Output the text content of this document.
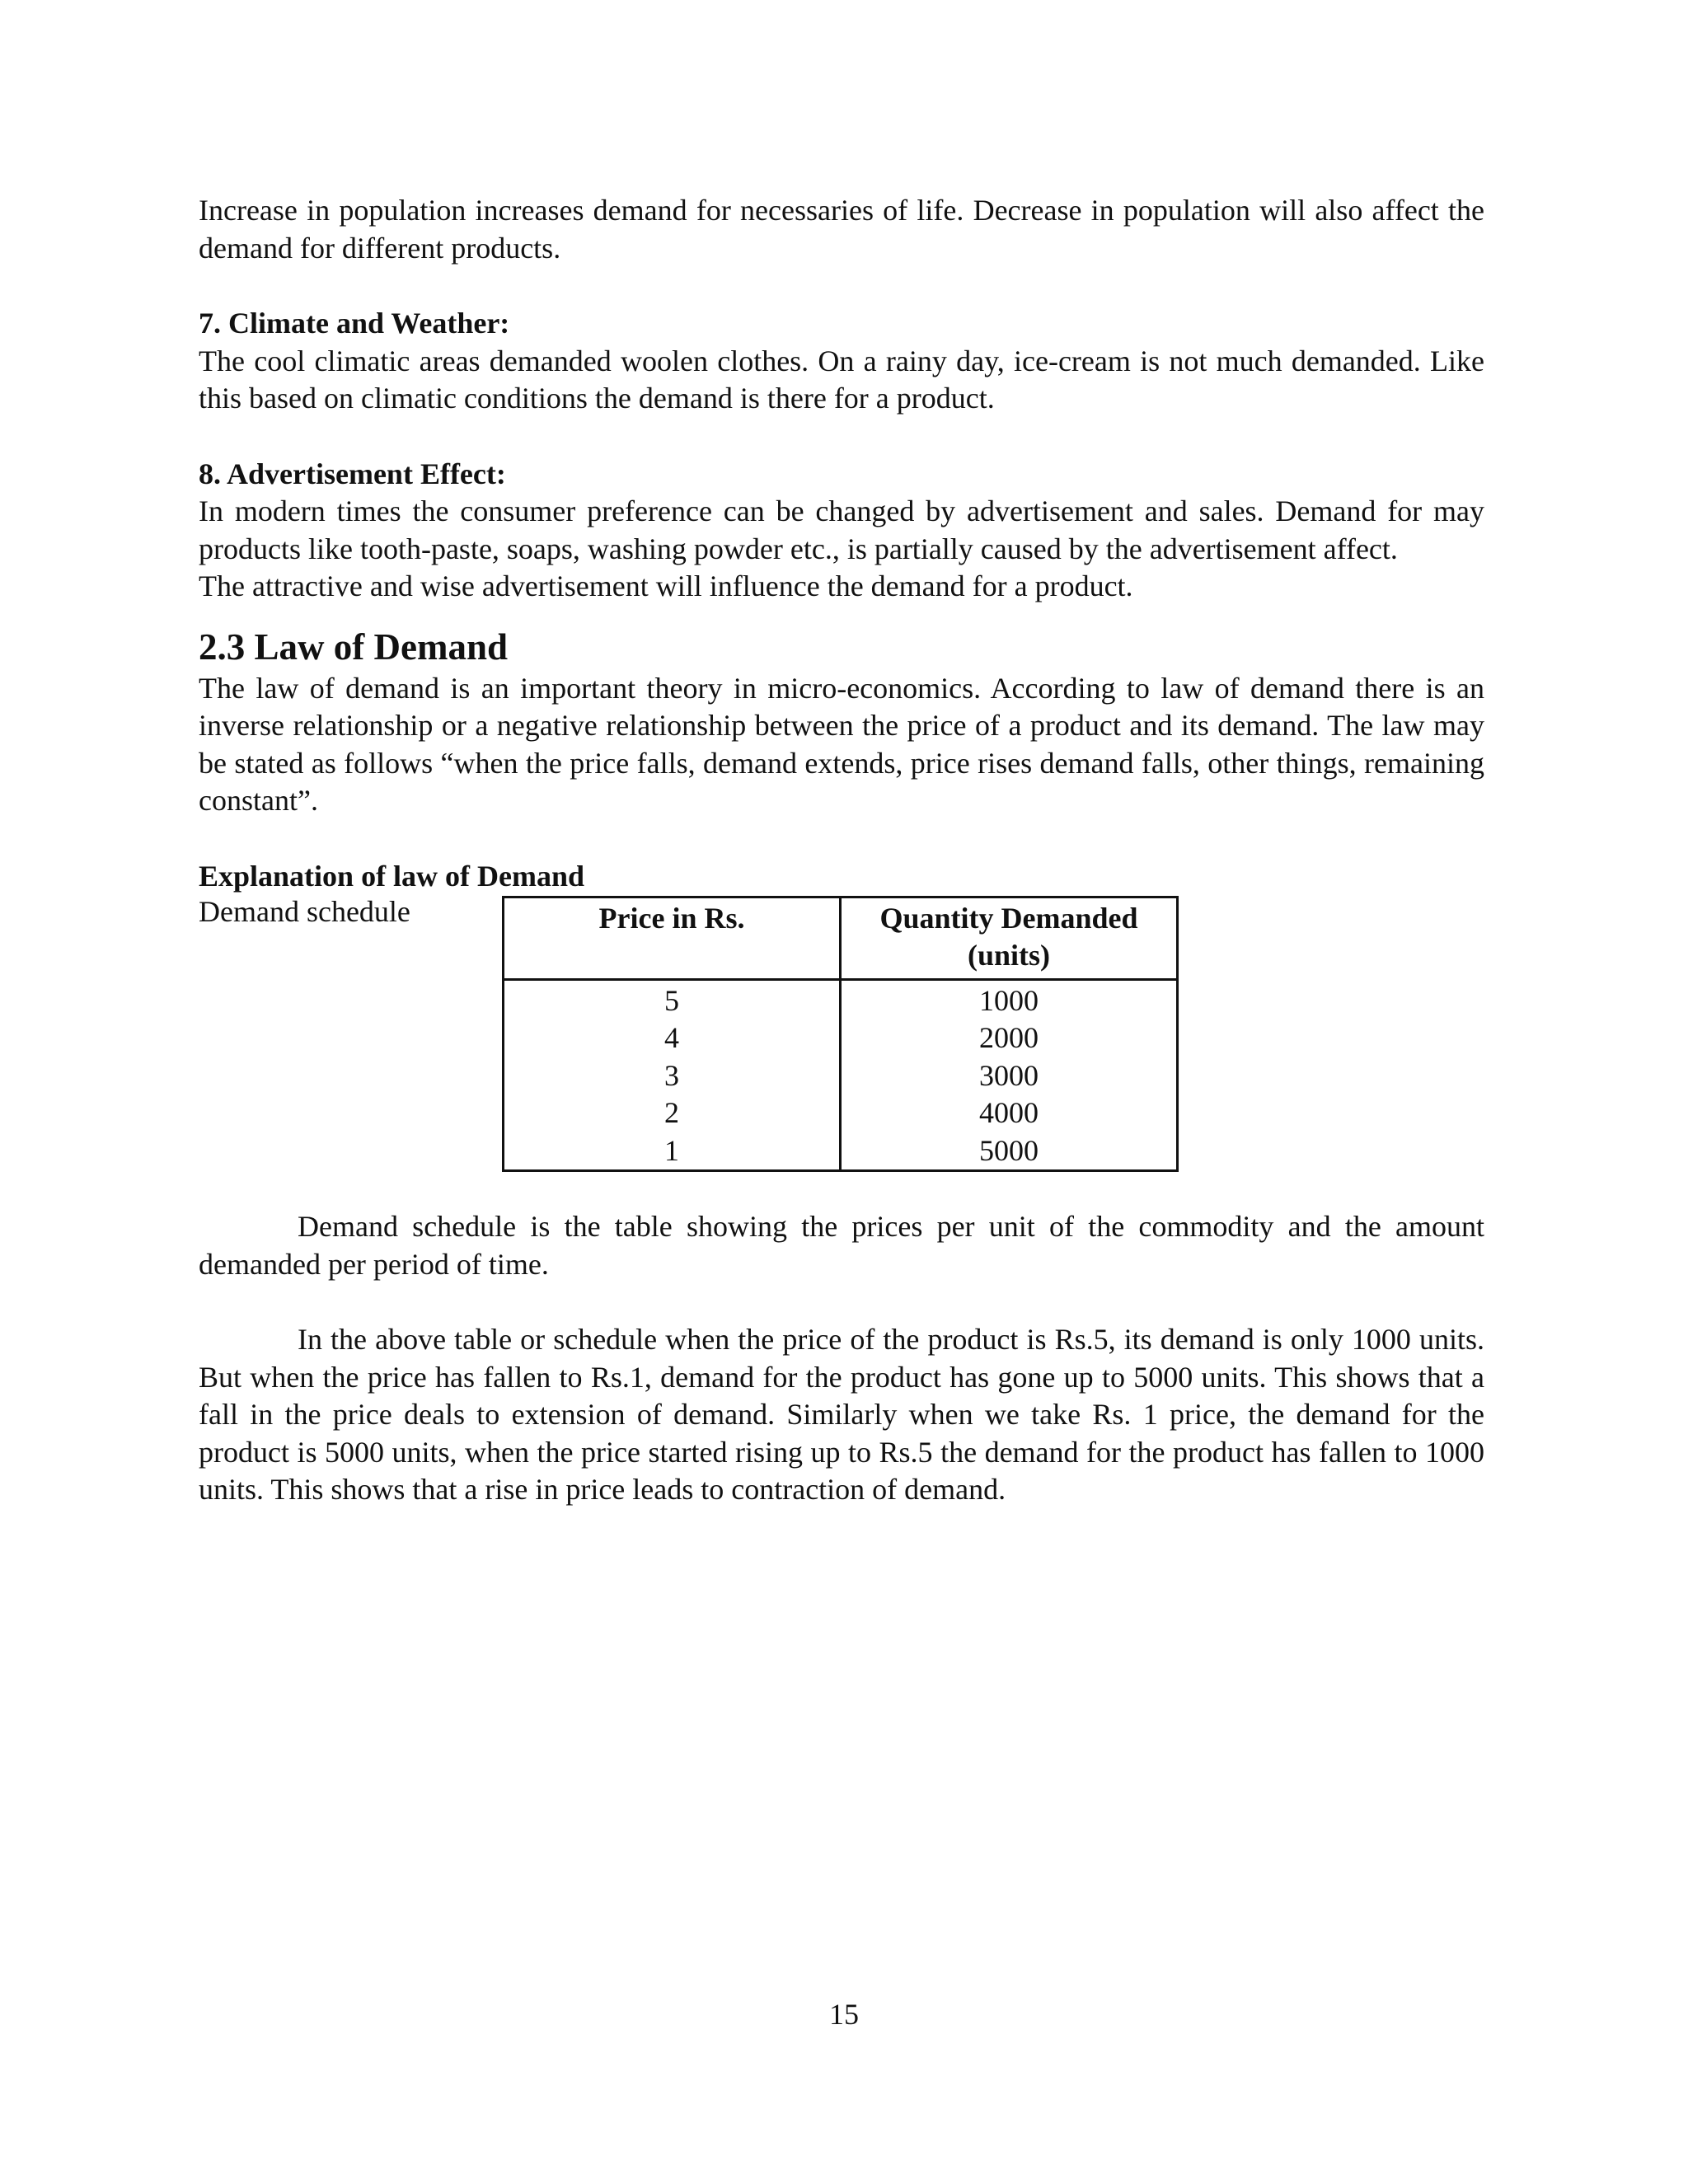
Increase in population increases demand for necessaries of life. Decrease in population will also affect the demand for different products.

7. Climate and Weather:

The cool climatic areas demanded woolen clothes. On a rainy day, ice-cream is not much demanded. Like this based on climatic conditions the demand is there for a product.

8. Advertisement Effect:

In modern times the consumer preference can be changed by advertisement and sales. Demand for may products like tooth-paste, soaps, washing powder etc., is partially caused by the advertisement affect.

The attractive and wise advertisement will influence the demand for a product.

2.3 Law of Demand

The law of demand is an important theory in micro-economics. According to law of demand there is an inverse relationship or a negative relationship between the price of a product and its demand. The law may be stated as follows “when the price falls, demand extends, price rises demand falls, other things, remaining constant”.

Explanation of law of Demand

Demand schedule	Price in Rs.	Quantity Demanded (units)
5	1000
4	2000
3	3000
2	4000
1	5000

Demand schedule is the table showing the prices per unit of the commodity and the amount demanded per period of time.

In the above table or schedule when the price of the product is Rs.5, its demand is only 1000 units. But when the price has fallen to Rs.1, demand for the product has gone up to 5000 units. This shows that a fall in the price deals to extension of demand. Similarly when we take Rs. 1 price, the demand for the product is 5000 units, when the price started rising up to Rs.5 the demand for the product has fallen to 1000 units. This shows that a rise in price leads to contraction of demand.

15
